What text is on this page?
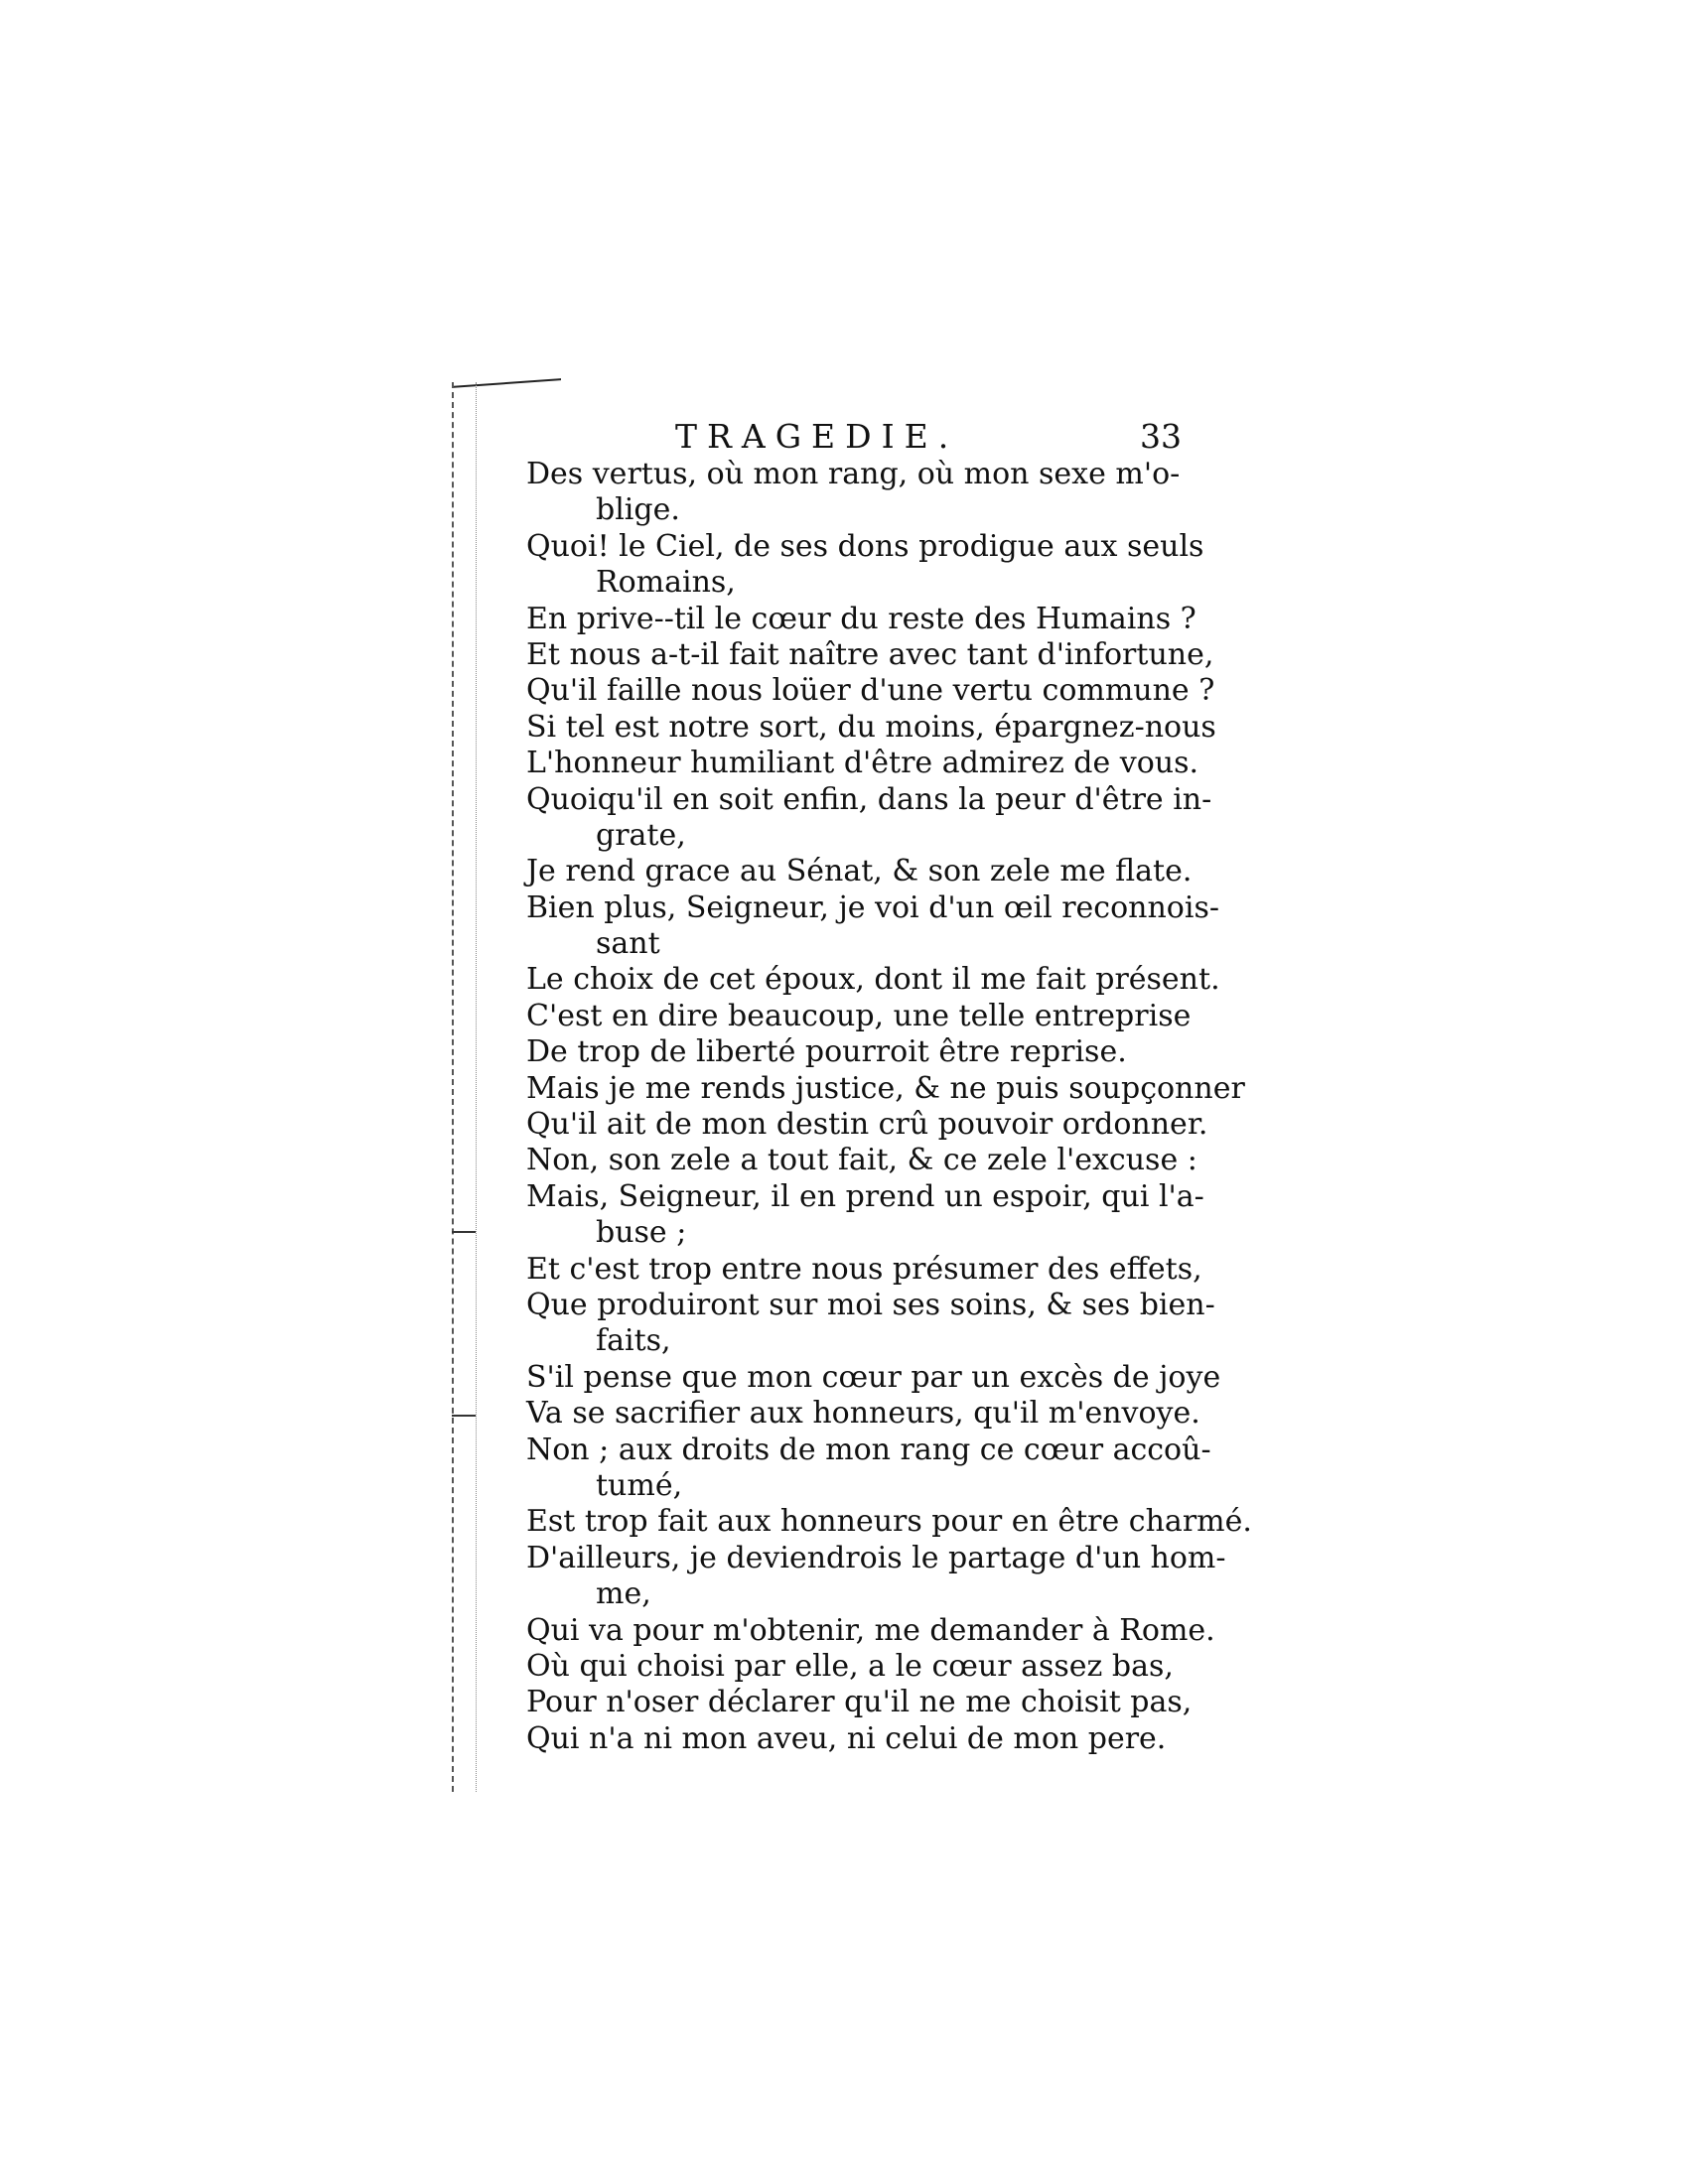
TRAGEDIE.	33
Des vertus, où mon rang, où mon sexe m'o-
blige.
Quoi! le Ciel, de ses dons prodigue aux seuls
Romains,
En prive--til le cœur du reste des Humains ?
Et nous a-t-il fait naître avec tant d'infortune,
Qu'il faille nous loüer d'une vertu commune ?
Si tel est notre sort, du moins, épargnez-nous
L'honneur humiliant d'être admirez de vous.
Quoiqu'il en soit enfin, dans la peur d'être in-
grate,
Je rend grace au Sénat, & son zele me flate.
Bien plus, Seigneur, je voi d'un œil reconnois-
sant
Le choix de cet époux, dont il me fait présent.
C'est en dire beaucoup, une telle entreprise
De trop de liberté pourroit être reprise.
Mais je me rends justice, & ne puis soupçonner
Qu'il ait de mon destin crû pouvoir ordonner.
Non, son zele a tout fait, & ce zele l'excuse :
Mais, Seigneur, il en prend un espoir, qui l'a-
buse ;
Et c'est trop entre nous présumer des effets,
Que produiront sur moi ses soins, & ses bien-
faits,
S'il pense que mon cœur par un excès de joye
Va se sacrifier aux honneurs, qu'il m'envoye.
Non ; aux droits de mon rang ce cœur accoû-
tumé,
Est trop fait aux honneurs pour en être charmé.
D'ailleurs, je deviendrois le partage d'un hom-
me,
Qui va pour m'obtenir, me demander à Rome.
Où qui choisi par elle, a le cœur assez bas,
Pour n'oser déclarer qu'il ne me choisit pas,
Qui n'a ni mon aveu, ni celui de mon pere.
